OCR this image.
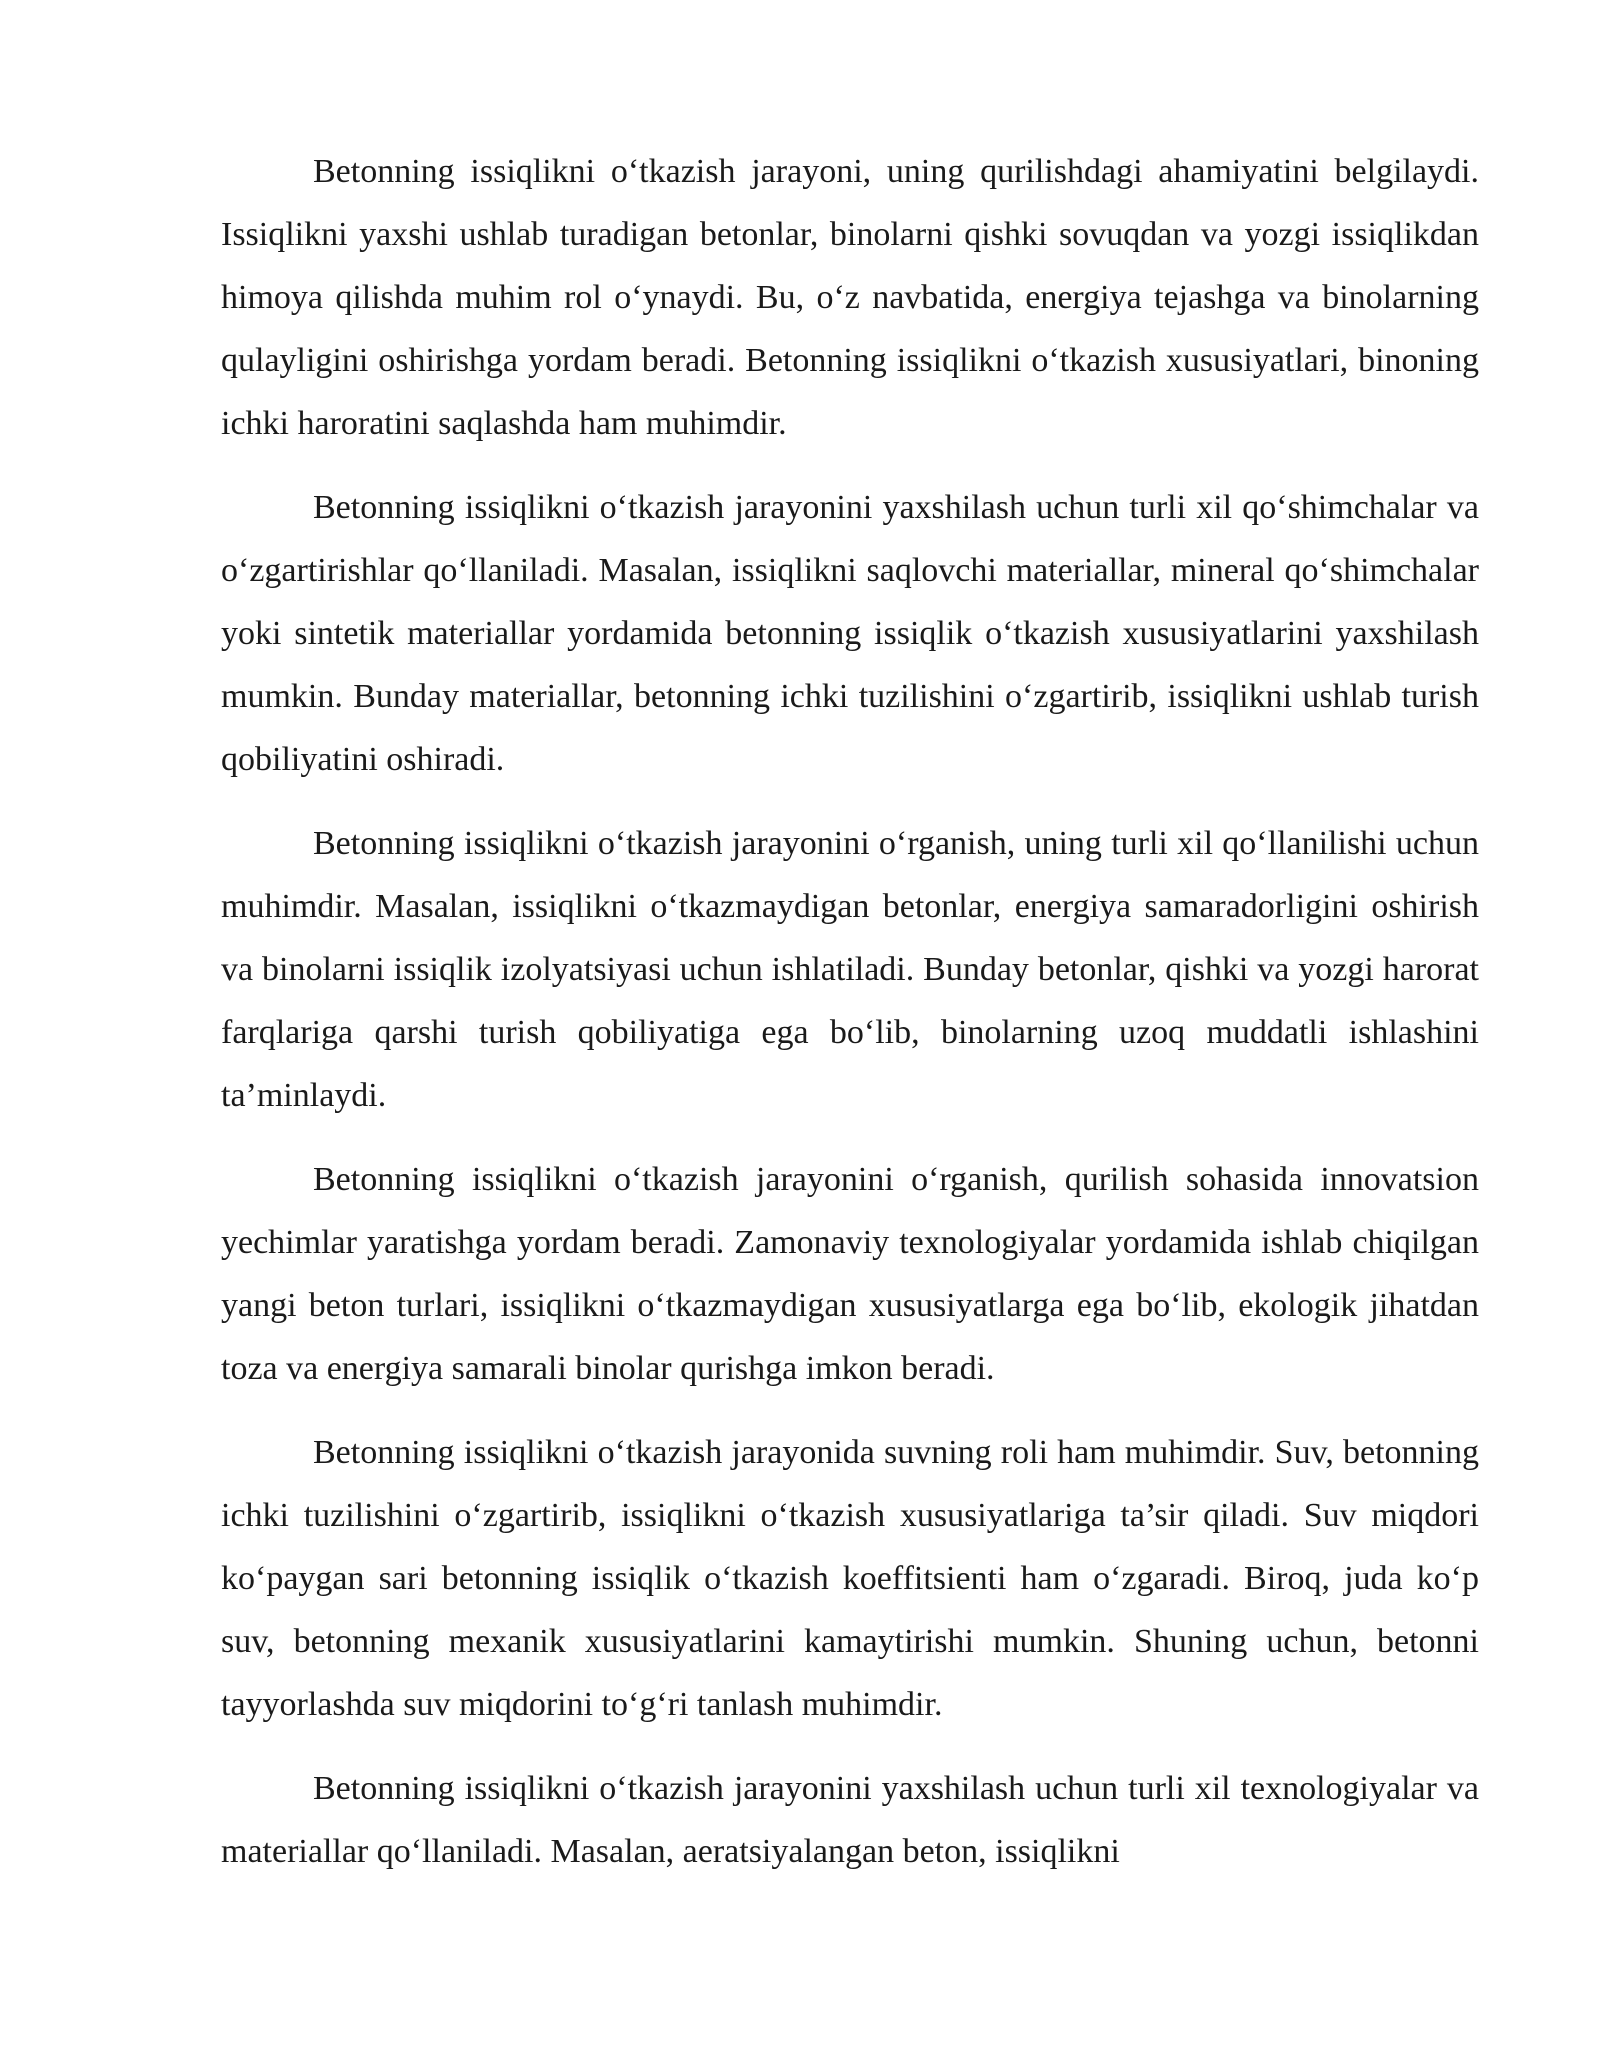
Betonning issiqlikni o‘tkazish jarayoni, uning qurilishdagi ahamiyatini belgilaydi. Issiqlikni yaxshi ushlab turadigan betonlar, binolarni qishki sovuqdan va yozgi issiqlikdan himoya qilishda muhim rol o‘ynaydi. Bu, o‘z navbatida, energiya tejashga va binolarning qulayligini oshirishga yordam beradi. Betonning issiqlikni o‘tkazish xususiyatlari, binoning ichki haroratini saqlashda ham muhimdir.

Betonning issiqlikni o‘tkazish jarayonini yaxshilash uchun turli xil qo‘shimchalar va o‘zgartirishlar qo‘llaniladi. Masalan, issiqlikni saqlovchi materiallar, mineral qo‘shimchalar yoki sintetik materiallar yordamida betonning issiqlik o‘tkazish xususiyatlarini yaxshilash mumkin. Bunday materiallar, betonning ichki tuzilishini o‘zgartirib, issiqlikni ushlab turish qobiliyatini oshiradi.

Betonning issiqlikni o‘tkazish jarayonini o‘rganish, uning turli xil qo‘llanilishi uchun muhimdir. Masalan, issiqlikni o‘tkazmaydigan betonlar, energiya samaradorligini oshirish va binolarni issiqlik izolyatsiyasi uchun ishlatiladi. Bunday betonlar, qishki va yozgi harorat farqlariga qarshi turish qobiliyatiga ega bo‘lib, binolarning uzoq muddatli ishlashini ta’minlaydi.

Betonning issiqlikni o‘tkazish jarayonini o‘rganish, qurilish sohasida innovatsion yechimlar yaratishga yordam beradi. Zamonaviy texnologiyalar yordamida ishlab chiqilgan yangi beton turlari, issiqlikni o‘tkazmaydigan xususiyatlarga ega bo‘lib, ekologik jihatdan toza va energiya samarali binolar qurishga imkon beradi.

Betonning issiqlikni o‘tkazish jarayonida suvning roli ham muhimdir. Suv, betonning ichki tuzilishini o‘zgartirib, issiqlikni o‘tkazish xususiyatlariga ta’sir qiladi. Suv miqdori ko‘paygan sari betonning issiqlik o‘tkazish koeffitsienti ham o‘zgaradi. Biroq, juda ko‘p suv, betonning mexanik xususiyatlarini kamaytirishi mumkin. Shuning uchun, betonni tayyorlashda suv miqdorini to‘g‘ri tanlash muhimdir.

Betonning issiqlikni o‘tkazish jarayonini yaxshilash uchun turli xil texnologiyalar va materiallar qo‘llaniladi. Masalan, aeratsiyalangan beton, issiqlikni
